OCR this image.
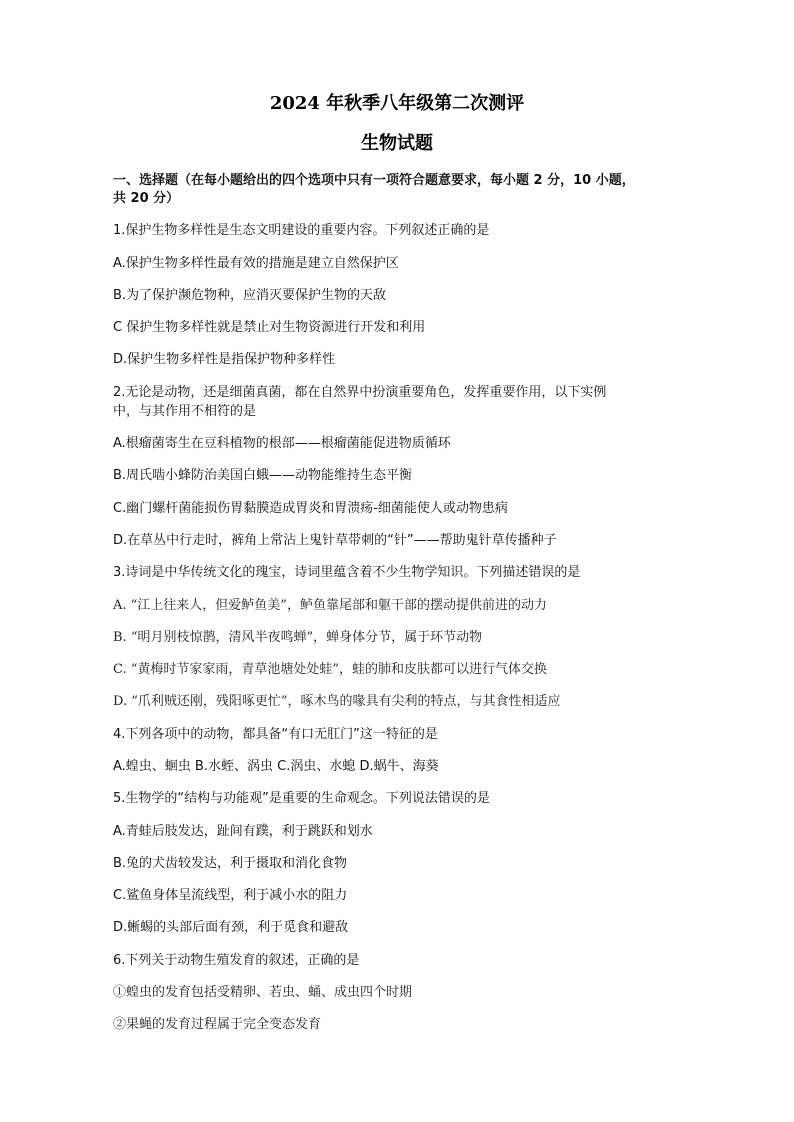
2024 年秋季八年级第二次测评
生物试题
一、选择题（在每小题给出的四个选项中只有一项符合题意要求，每小题 2 分，10 小题，
共 20 分）
1.保护生物多样性是生态文明建设的重要内容。下列叙述正确的是
A.保护生物多样性最有效的措施是建立自然保护区
B.为了保护濒危物种，应消灭要保护生物的天敌
C 保护生物多样性就是禁止对生物资源进行开发和利用
D.保护生物多样性是指保护物种多样性
2.无论是动物，还是细菌真菌，都在自然界中扮演重要角色，发挥重要作用，以下实例
中，与其作用不相符的是
A.根瘤菌寄生在豆科植物的根部——根瘤菌能促进物质循环
B.周氏啮小蜂防治美国白蛾——动物能维持生态平衡
C.幽门螺杆菌能损伤胃黏膜造成胃炎和胃溃疡-细菌能使人或动物患病
D.在草丛中行走时，裤角上常沾上鬼针草带刺的“针”——帮助鬼针草传播种子
3.诗词是中华传统文化的瑰宝，诗词里蕴含着不少生物学知识。下列描述错误的是
A. “江上往来人，但爱鲈鱼美”，鲈鱼靠尾部和躯干部的摆动提供前进的动力
B. “明月别枝惊鹊，清风半夜鸣蝉”，蝉身体分节，属于环节动物
C. “黄梅时节家家雨，青草池塘处处蛙”，蛙的肺和皮肤都可以进行气体交换
D. “爪利贼还刚，残阳啄更忙”，啄木鸟的喙具有尖利的特点，与其食性相适应
4.下列各项中的动物，都具备“有口无肛门”这一特征的是
A.蝗虫、蛔虫 B.水蛭、涡虫 C.涡虫、水螅 D.蜗牛、海葵
5.生物学的“结构与功能观”是重要的生命观念。下列说法错误的是
A.青蛙后肢发达，趾间有蹼，利于跳跃和划水
B.兔的犬齿较发达，利于摄取和消化食物
C.鲨鱼身体呈流线型，利于减小水的阻力
D.蜥蜴的头部后面有颈，利于觅食和避敌
6.下列关于动物生殖发育的叙述，正确的是
①蝗虫的发育包括受精卵、若虫、蛹、成虫四个时期
②果蝇的发育过程属于完全变态发育
